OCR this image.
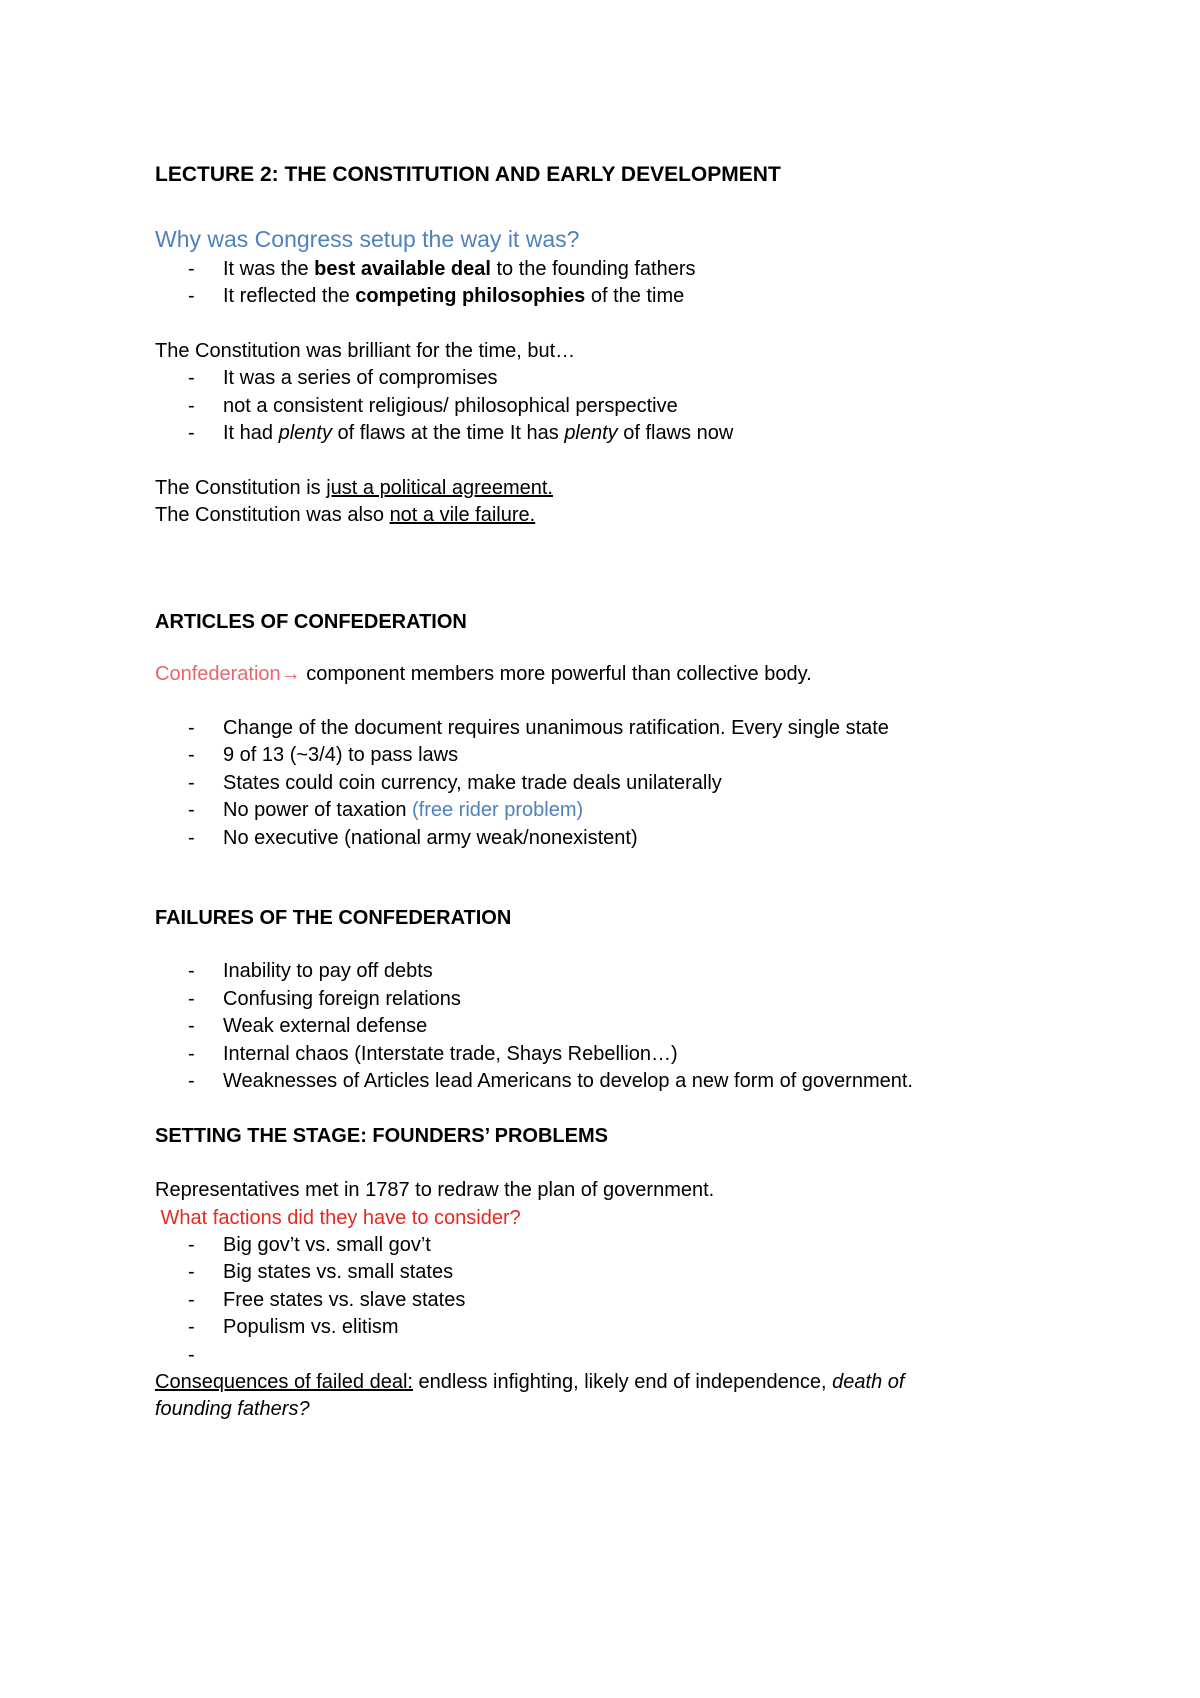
LECTURE 2: THE CONSTITUTION AND EARLY DEVELOPMENT
Why was Congress setup the way it was?
- It was the best available deal to the founding fathers
- It reflected the competing philosophies of the time
The Constitution was brilliant for the time, but…
- It was a series of compromises
- not a consistent religious/ philosophical perspective
- It had plenty of flaws at the time It has plenty of flaws now
The Constitution is just a political agreement.
The Constitution was also not a vile failure.
ARTICLES OF CONFEDERATION
Confederation→ component members more powerful than collective body.
- Change of the document requires unanimous ratification. Every single state
- 9 of 13 (~3/4) to pass laws
- States could coin currency, make trade deals unilaterally
- No power of taxation (free rider problem)
- No executive (national army weak/nonexistent)
FAILURES OF THE CONFEDERATION
- Inability to pay off debts
- Confusing foreign relations
- Weak external defense
- Internal chaos (Interstate trade, Shays Rebellion…)
- Weaknesses of Articles lead Americans to develop a new form of government.
SETTING THE STAGE: FOUNDERS’ PROBLEMS
Representatives met in 1787 to redraw the plan of government.
What factions did they have to consider?
- Big gov’t vs. small gov’t
- Big states vs. small states
- Free states vs. slave states
- Populism vs. elitism
-
Consequences of failed deal: endless infighting, likely end of independence, death of
founding fathers?
